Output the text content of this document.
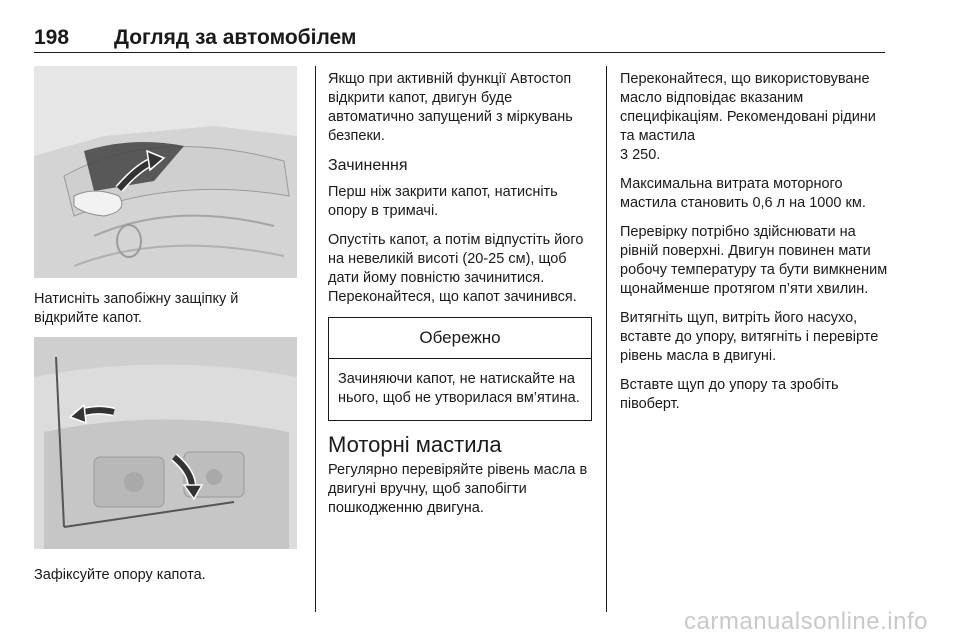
198 Догляд за автомобілем
Натисніть запобіжну защіпку й відкрийте капот.
Зафіксуйте опору капота.

Якщо при активній функції Автостоп відкрити капот, двигун буде автоматично запущений з міркувань безпеки.

Зачинення

Перш ніж закрити капот, натисніть опору в тримачі.

Опустіть капот, а потім відпустіть його на невеликій висоті (20-25 см), щоб дати йому повністю зачинитися. Переконайтеся, що капот зачинився.

Обережно
Зачиняючи капот, не натискайте на нього, щоб не утворилася вм’ятина.
Моторні мастила

Регулярно перевіряйте рівень масла в двигуні вручну, щоб запобігти пошкодженню двигуна.

Переконайтеся, що використовуване масло відповідає вказаним специфікаціям. Рекомендовані рідини та мастила
3 250.

Максимальна витрата моторного мастила становить 0,6 л на 1000 км.

Перевірку потрібно здійснювати на рівній поверхні. Двигун повинен мати робочу температуру та бути вимкненим щонайменше протягом п’яти хвилин.

Витягніть щуп, витріть його насухо, вставте до упору, витягніть і перевірте рівень масла в двигуні.

Вставте щуп до упору та зробіть півоберт.

carmanualsonline.info
